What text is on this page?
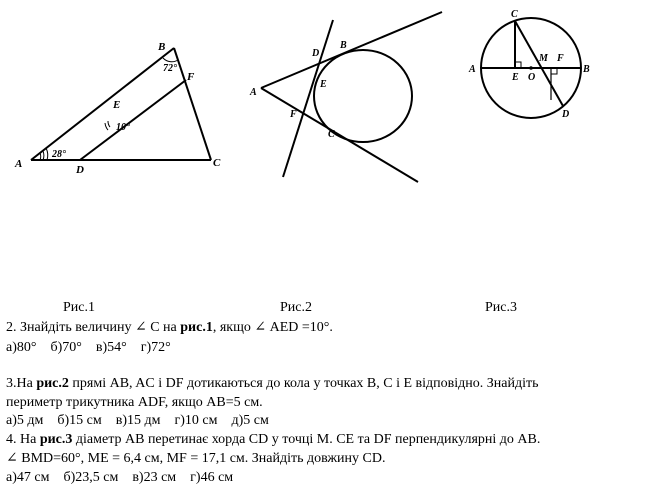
B
F
E
A	D
C
72°
10°
28°
A
B
D
E
F
C
C
A	B
M F
E O
D
Рис.1	Рис.2	Рис.3
2. Знайдіть величину ∠ C на рис.1, якщо ∠ AED =10°.
а)80° б)70° в)54° г)72°
3.На рис.2 прямі AB, AC і DF дотикаються до кола у точках B, C і E відповідно. Знайдіть
периметр трикутника ADF, якщо AB=5 см.
а)5 дм б)15 см в)15 дм г)10 см д)5 см
4. На рис.3 діаметр AB перетинає хорда CD у точці M. CE та DF перпендикулярні до AB.
∠ BMD=60°, ME = 6,4 см, MF = 17,1 см. Знайдіть довжину CD.
а)47 см б)23,5 см в)23 см г)46 см
